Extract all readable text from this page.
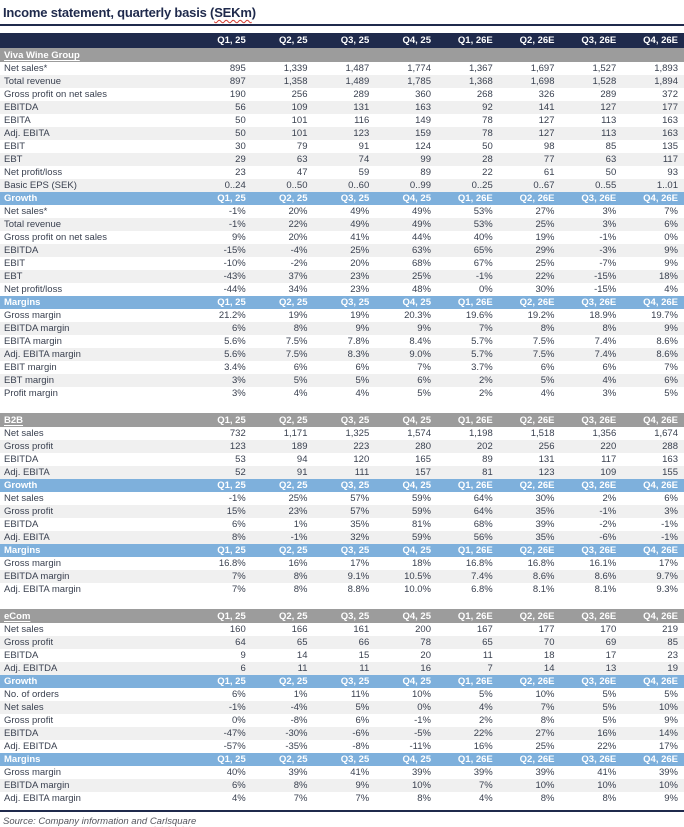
Income statement, quarterly basis (SEKm)
Q1, 25	Q2, 25	Q3, 25	Q4, 25	Q1, 26E	Q2, 26E	Q3, 26E	Q4, 26E
Viva Wine Group
Net sales*	895	1,339	1,487	1,774	1,367	1,697	1,527	1,893
Total revenue	897	1,358	1,489	1,785	1,368	1,698	1,528	1,894
Gross profit on net sales	190	256	289	360	268	326	289	372
EBITDA	56	109	131	163	92	141	127	177
EBITA	50	101	116	149	78	127	113	163
Adj. EBITA	50	101	123	159	78	127	113	163
EBIT	30	79	91	124	50	98	85	135
EBT	29	63	74	99	28	77	63	117
Net profit/loss	23	47	59	89	22	61	50	93
Basic EPS (SEK)	0..24	0..50	0..60	0..99	0..25	0..67	0..55	1..01
Growth	Q1, 25	Q2, 25	Q3, 25	Q4, 25	Q1, 26E	Q2, 26E	Q3, 26E	Q4, 26E
Net sales*	-1%	20%	49%	49%	53%	27%	3%	7%
Total revenue	-1%	22%	49%	49%	53%	25%	3%	6%
Gross profit on net sales	9%	20%	41%	44%	40%	19%	-1%	0%
EBITDA	-15%	-4%	25%	63%	65%	29%	-3%	9%
EBIT	-10%	-2%	20%	68%	67%	25%	-7%	9%
EBT	-43%	37%	23%	25%	-1%	22%	-15%	18%
Net profit/loss	-44%	34%	23%	48%	0%	30%	-15%	4%
Margins	Q1, 25	Q2, 25	Q3, 25	Q4, 25	Q1, 26E	Q2, 26E	Q3, 26E	Q4, 26E
Gross margin	21.2%	19%	19%	20.3%	19.6%	19.2%	18.9%	19.7%
EBITDA margin	6%	8%	9%	9%	7%	8%	8%	9%
EBITA margin	5.6%	7.5%	7.8%	8.4%	5.7%	7.5%	7.4%	8.6%
Adj. EBITA margin	5.6%	7.5%	8.3%	9.0%	5.7%	7.5%	7.4%	8.6%
EBIT margin	3.4%	6%	6%	7%	3.7%	6%	6%	7%
EBT margin	3%	5%	5%	6%	2%	5%	4%	6%
Profit margin	3%	4%	4%	5%	2%	4%	3%	5%
B2B	Q1, 25	Q2, 25	Q3, 25	Q4, 25	Q1, 26E	Q2, 26E	Q3, 26E	Q4, 26E
Net sales	732	1,171	1,325	1,574	1,198	1,518	1,356	1,674
Gross profit	123	189	223	280	202	256	220	288
EBITDA	53	94	120	165	89	131	117	163
Adj. EBITA	52	91	111	157	81	123	109	155
Growth	Q1, 25	Q2, 25	Q3, 25	Q4, 25	Q1, 26E	Q2, 26E	Q3, 26E	Q4, 26E
Net sales	-1%	25%	57%	59%	64%	30%	2%	6%
Gross profit	15%	23%	57%	59%	64%	35%	-1%	3%
EBITDA	6%	1%	35%	81%	68%	39%	-2%	-1%
Adj. EBITA	8%	-1%	32%	59%	56%	35%	-6%	-1%
Margins	Q1, 25	Q2, 25	Q3, 25	Q4, 25	Q1, 26E	Q2, 26E	Q3, 26E	Q4, 26E
Gross margin	16.8%	16%	17%	18%	16.8%	16.8%	16.1%	17%
EBITDA margin	7%	8%	9.1%	10.5%	7.4%	8.6%	8.6%	9.7%
Adj. EBITA margin	7%	8%	8.8%	10.0%	6.8%	8.1%	8.1%	9.3%
eCom	Q1, 25	Q2, 25	Q3, 25	Q4, 25	Q1, 26E	Q2, 26E	Q3, 26E	Q4, 26E
Net sales	160	166	161	200	167	177	170	219
Gross profit	64	65	66	78	65	70	69	85
EBITDA	9	14	15	20	11	18	17	23
Adj. EBITDA	6	11	11	16	7	14	13	19
Growth	Q1, 25	Q2, 25	Q3, 25	Q4, 25	Q1, 26E	Q2, 26E	Q3, 26E	Q4, 26E
No. of orders	6%	1%	11%	10%	5%	10%	5%	5%
Net sales	-1%	-4%	5%	0%	4%	7%	5%	10%
Gross profit	0%	-8%	6%	-1%	2%	8%	5%	9%
EBITDA	-47%	-30%	-6%	-5%	22%	27%	16%	14%
Adj. EBITDA	-57%	-35%	-8%	-11%	16%	25%	22%	17%
Margins	Q1, 25	Q2, 25	Q3, 25	Q4, 25	Q1, 26E	Q2, 26E	Q3, 26E	Q4, 26E
Gross margin	40%	39%	41%	39%	39%	39%	41%	39%
EBITDA margin	6%	8%	9%	10%	7%	10%	10%	10%
Adj. EBITA margin	4%	7%	7%	8%	4%	8%	8%	9%
Source: Company information and Carlsquare
